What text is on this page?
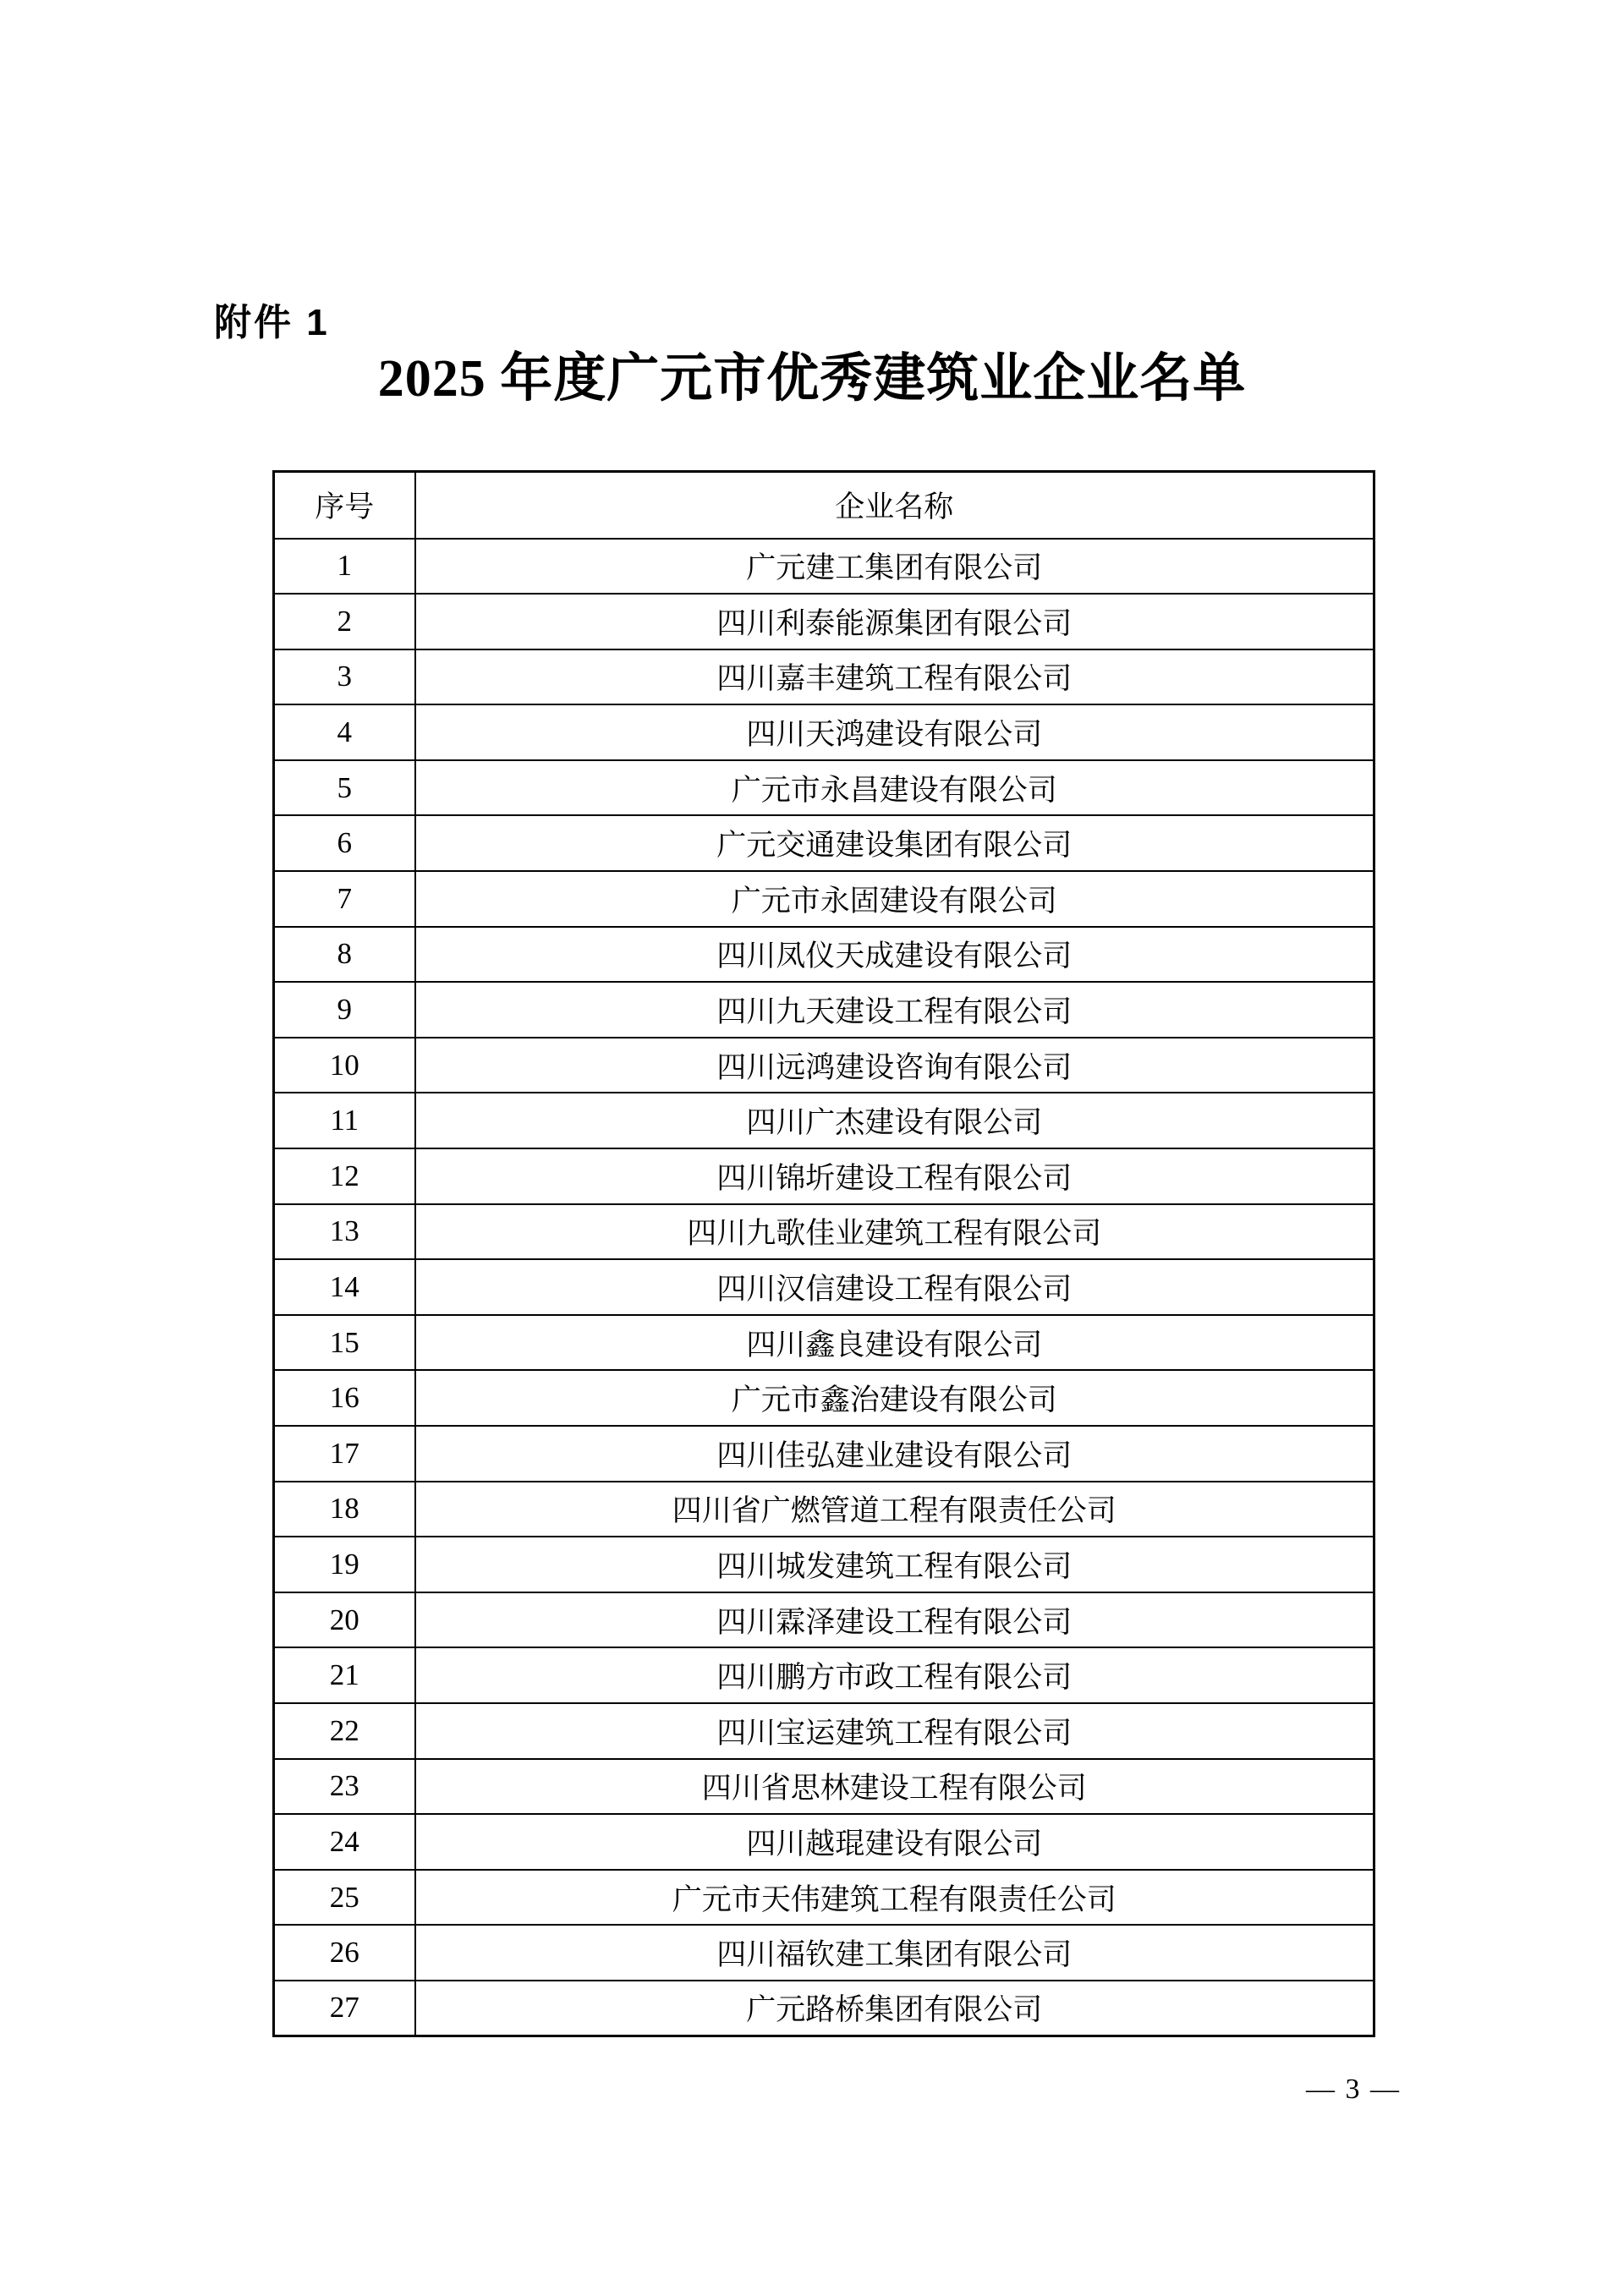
附件 1
2025 年度广元市优秀建筑业企业名单
序号	企业名称
1	广元建工集团有限公司
2	四川利泰能源集团有限公司
3	四川嘉丰建筑工程有限公司
4	四川天鸿建设有限公司
5	广元市永昌建设有限公司
6	广元交通建设集团有限公司
7	广元市永固建设有限公司
8	四川凤仪天成建设有限公司
9	四川九天建设工程有限公司
10	四川远鸿建设咨询有限公司
11	四川广杰建设有限公司
12	四川锦圻建设工程有限公司
13	四川九歌佳业建筑工程有限公司
14	四川汉信建设工程有限公司
15	四川鑫良建设有限公司
16	广元市鑫治建设有限公司
17	四川佳弘建业建设有限公司
18	四川省广燃管道工程有限责任公司
19	四川城发建筑工程有限公司
20	四川霖泽建设工程有限公司
21	四川鹏方市政工程有限公司
22	四川宝运建筑工程有限公司
23	四川省思林建设工程有限公司
24	四川越琨建设有限公司
25	广元市天伟建筑工程有限责任公司
26	四川福钦建工集团有限公司
27	广元路桥集团有限公司
— 3 —
